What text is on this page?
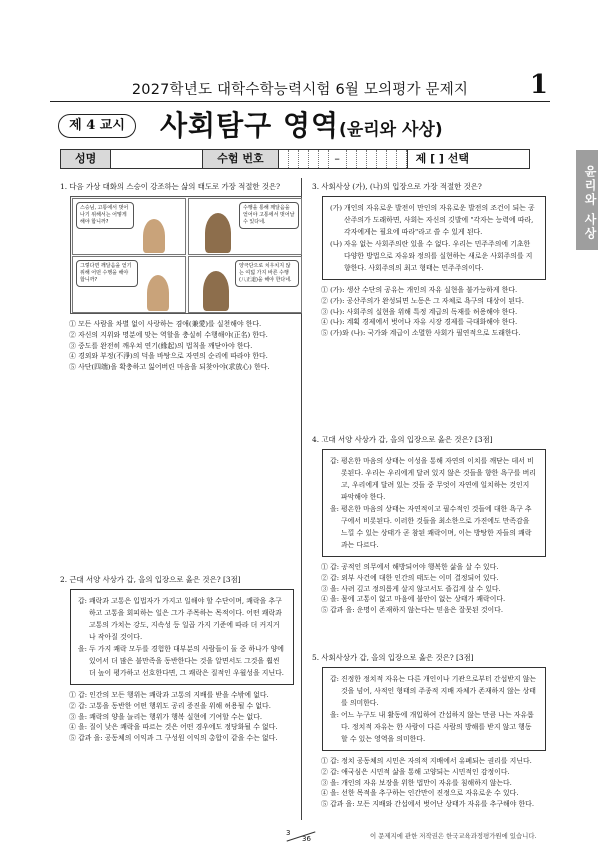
2027학년도 대학수학능력시험 6월 모의평가 문제지	1
제 4 교시	사회탐구 영역(윤리와 사상)
성명	수험 번호	–	제 [ ] 선택
윤리와 사상
1. 다음 가상 대화의 스승이 강조하는 삶의 태도로 가장 적절한 것은?
스승님, 고통에서 벗어나기 위해서는 어떻게 해야 합니까?
수행을 통해 깨달음을 얻어야 고통에서 벗어날 수 있다네.
그렇다면 깨달음을 얻기 위해 어떤 수행을 해야 합니까?
양극단으로 치우치지 않는 여덟 가지 바른 수행(八正道)을 해야 한다네.
① 모든 사람을 차별 없이 사랑하는 겸애(兼愛)를 실천해야 한다.
② 자신의 지위와 명분에 맞는 역할을 충실히 수행해야(正名) 한다.
③ 중도를 완전히 깨우쳐 연기(緣起)의 법칙을 깨닫아야 한다.
④ 경외와 부정(不淨)의 덕을 바탕으로 자연의 순리에 따라야 한다.
⑤ 사단(四端)을 확충하고 잃어버린 마음을 되찾아야(求放心) 한다.
2. 근대 서양 사상가 갑, 을의 입장으로 옳은 것은? [3점]
갑: 쾌락과 고통은 입법자가 가지고 일해야 할 수단이며, 쾌락을 추구하고 고통을 회피하는 일은 그가 주목하는 목적이다. 어떤 쾌락과 고통의 가치는 강도, 지속성 등 일곱 가지 기준에 따라 더 커지거나 작아질 것이다.
을: 두 가지 쾌락 모두를 경험한 대부분의 사람들이 둘 중 하나가 양에 있어서 더 많은 불만족을 동반한다는 것을 알면서도 그것을 훨씬 더 높이 평가하고 선호한다면, 그 쾌락은 질적인 우월성을 지닌다.
① 갑: 인간의 모든 행위는 쾌락과 고통의 지배를 받을 수밖에 없다.
② 갑: 고통을 동반한 어떤 행위도 공리 증진을 위해 허용될 수 없다.
③ 을: 쾌락의 양을 늘리는 행위가 행복 실현에 기여할 수는 없다.
④ 을: 질이 낮은 쾌락을 따르는 것은 어떤 경우에도 정당화될 수 없다.
⑤ 갑과 을: 공동체의 이익과 그 구성원 이익의 총합이 같을 수는 없다.
3. 사회사상 (가), (나)의 입장으로 가장 적절한 것은?
(가) 개인의 자유로운 발전이 만인의 자유로운 발전의 조건이 되는 공산주의가 도래하면, 사회는 자신의 깃발에 "각자는 능력에 따라, 각자에게는 필요에 따라"라고 쓸 수 있게 된다.
(나) 자유 없는 사회주의란 있을 수 없다. 우리는 민주주의에 기초한 다양한 방법으로 자유와 정의를 실현하는 새로운 사회주의를 지향한다. 사회주의의 최고 형태는 민주주의이다.
① (가): 생산 수단의 공유는 개인의 자유 실현을 불가능하게 한다.
② (가): 공산주의가 완성되면 노동은 그 자체로 욕구의 대상이 된다.
③ (나): 사회주의 실현을 위해 특정 계급의 독재를 허용해야 한다.
④ (나): 계획 경제에서 벗어나 자유 시장 경제를 극대화해야 한다.
⑤ (가)와 (나): 국가와 계급이 소멸한 사회가 필연적으로 도래한다.
4. 고대 서양 사상가 갑, 을의 입장으로 옳은 것은? [3점]
갑: 평온한 마음의 상태는 이성을 통해 자연의 이치를 깨닫는 데서 비롯된다. 우리는 우리에게 달려 있지 않은 것들을 향한 욕구를 버리고, 우리에게 달려 있는 것들 중 무엇이 자연에 일치하는 것인지 파악해야 한다.
을: 평온한 마음의 상태는 자연적이고 필수적인 것들에 대한 욕구 추구에서 비롯된다. 이러한 것들을 최소한으로 가진에도 만족감을 느낄 수 있는 상태가 곧 참된 쾌락이며, 이는 방탕한 자들의 쾌락과는 다르다.
① 갑: 공적인 의무에서 해방되어야 행복한 삶을 살 수 있다.
② 갑: 외부 사건에 대한 인간의 태도는 이미 결정되어 있다.
③ 을: 사려 깊고 정의롭게 살지 않고서도 즐겁게 살 수 있다.
④ 을: 몸에 고통이 없고 마음에 불안이 없는 상태가 쾌락이다.
⑤ 갑과 을: 운명이 존재하지 않는다는 믿음은 잘못된 것이다.
5. 사회사상가 갑, 을의 입장으로 옳은 것은? [3점]
갑: 진정한 정치적 자유는 다른 개인이나 기관으로부터 간섭받지 않는 것을 넘어, 사적인 형태의 주종적 지배 자체가 존재하지 않는 상태를 의미한다.
을: 어느 누구도 내 활동에 개입하여 간섭하지 않는 만큼 나는 자유롭다. 정치적 자유는 한 사람이 다른 사람의 방해를 받지 않고 행동할 수 있는 영역을 의미한다.
① 갑: 정치 공동체의 시민은 자의적 지배에서 유폐되는 권리를 지닌다.
② 갑: 애국심은 시민적 삶을 통해 고양되는 시민적인 감정이다.
③ 을: 개인의 자유 보장을 위한 법만이 자유를 침해하지 않는다.
④ 을: 선한 목적을 추구하는 인간만이 진정으로 자유로운 수 있다.
⑤ 갑과 을: 모든 지배와 간섭에서 벗어난 상태가 자유를 추구해야 한다.
3
36	이 문제지에 관한 저작권은 한국교육과정평가원에 있습니다.
